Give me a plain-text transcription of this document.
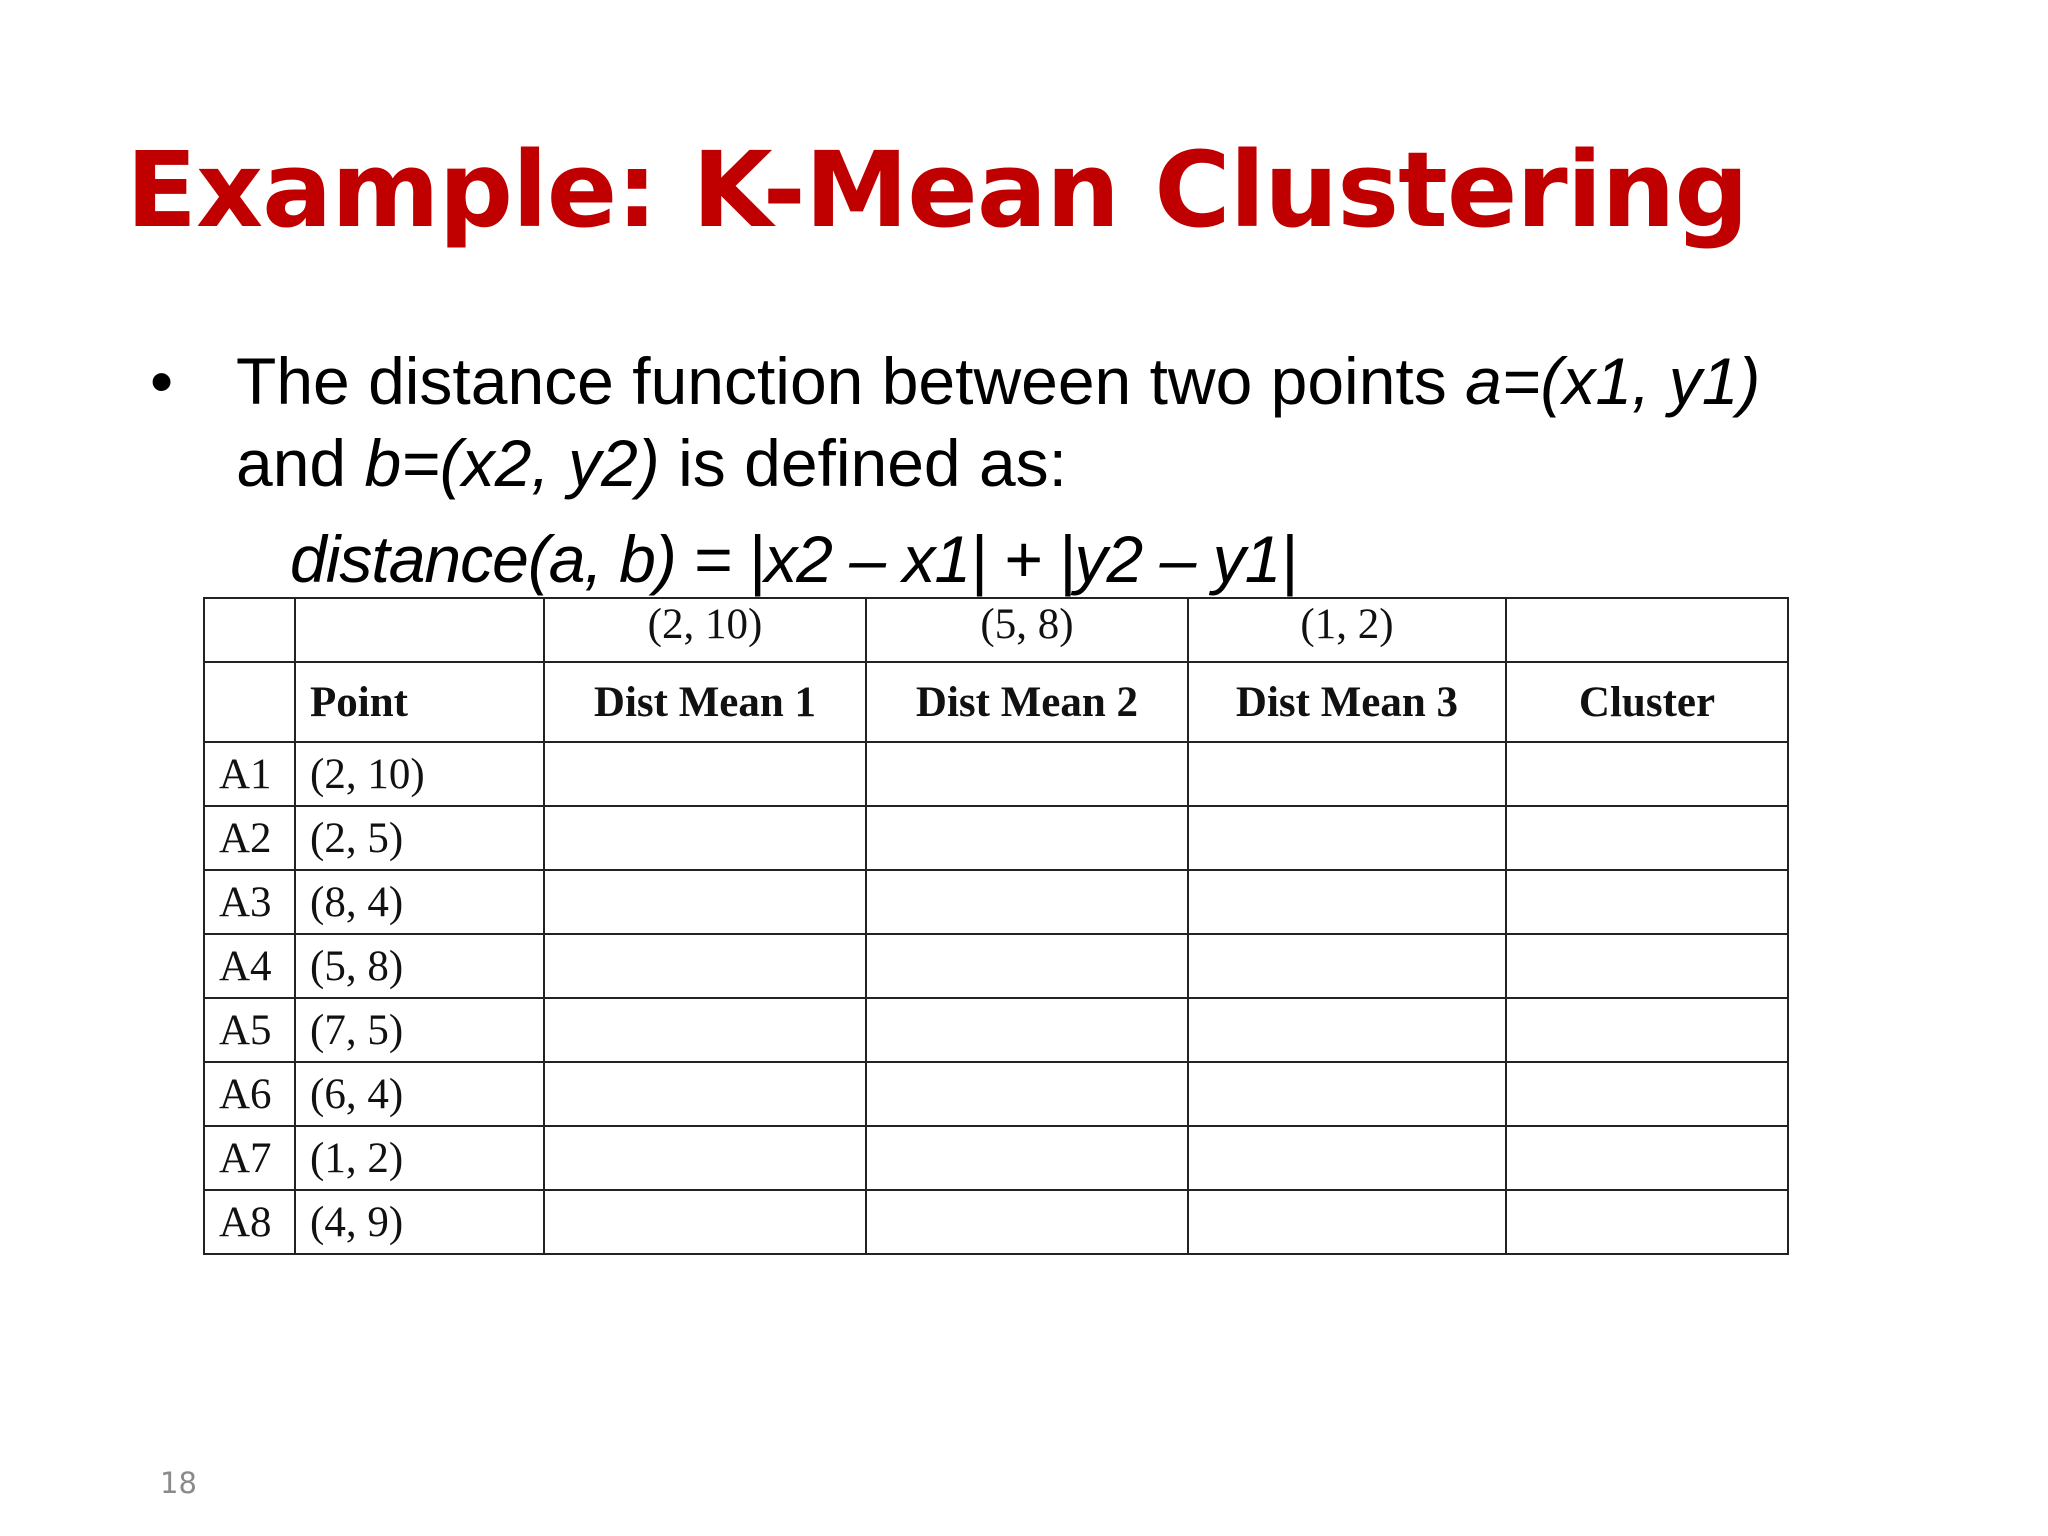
Example: K-Mean Clustering
• The distance function between two points a=(x1, y1)
and b=(x2, y2) is defined as:
distance(a, b) = |x2 – x1| + |y2 – y1|
		(2, 10)	(5, 8)	(1, 2)	
	Point	Dist Mean 1	Dist Mean 2	Dist Mean 3	Cluster
A1	(2, 10)				
A2	(2, 5)				
A3	(8, 4)				
A4	(5, 8)				
A5	(7, 5)				
A6	(6, 4)				
A7	(1, 2)				
A8	(4, 9)				
18
